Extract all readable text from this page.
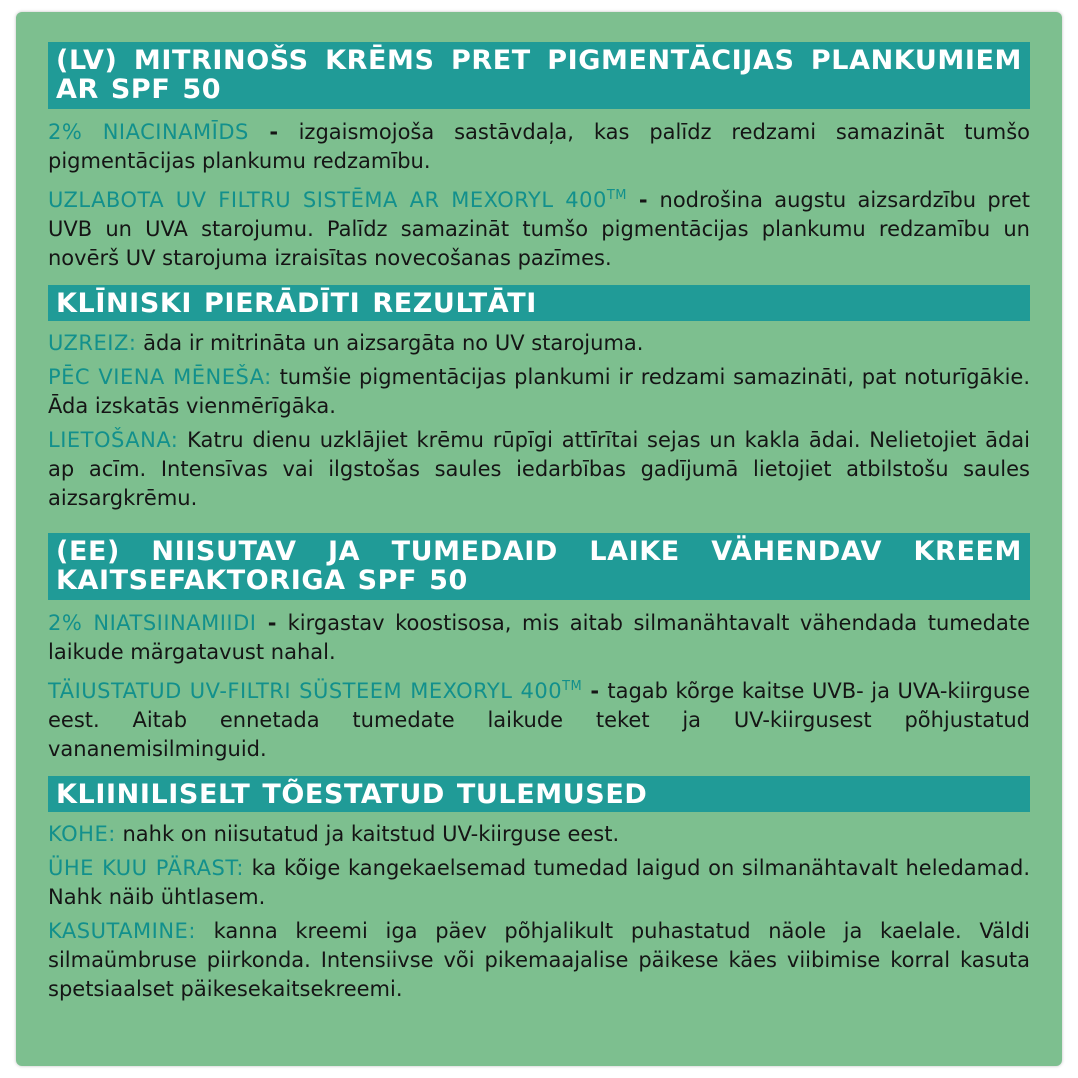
(LV) MITRINOŠS KRĒMS PRET PIGMENTĀCIJAS PLANKUMIEM AR SPF 50

2% NIACINAMĪDS - izgaismojoša sastāvdaļa, kas palīdz redzami samazināt tumšo pigmentācijas plankumu redzamību.

UZLABOTA UV FILTRU SISTĒMA AR MEXORYL 400™ - nodrošina augstu aizsardzību pret UVB un UVA starojumu. Palīdz samazināt tumšo pigmentācijas plankumu redzamību un novērš UV starojuma izraisītas novecošanas pazīmes.

KLĪNISKI PIERĀDĪTI REZULTĀTI

UZREIZ: āda ir mitrināta un aizsargāta no UV starojuma.

PĒC VIENA MĒNEŠA: tumšie pigmentācijas plankumi ir redzami samazināti, pat noturīgākie. Āda izskatās vienmērīgāka.

LIETOŠANA: Katru dienu uzklājiet krēmu rūpīgi attīrītai sejas un kakla ādai. Nelietojiet ādai ap acīm. Intensīvas vai ilgstošas saules iedarbības gadījumā lietojiet atbilstošu saules aizsargkrēmu.

(EE) NIISUTAV JA TUMEDAID LAIKE VÄHENDAV KREEM KAITSEFAKTORIGA SPF 50

2% NIATSIINAMIIDI - kirgastav koostisosa, mis aitab silmanähtavalt vähendada tumedate laikude märgatavust nahal.

TÄIUSTATUD UV-FILTRI SÜSTEEM MEXORYL 400™ - tagab kõrge kaitse UVB- ja UVA-kiirguse eest. Aitab ennetada tumedate laikude teket ja UV-kiirgusest põhjustatud vananemisilminguid.

KLIINILISELT TÕESTATUD TULEMUSED

KOHE: nahk on niisutatud ja kaitstud UV-kiirguse eest.

ÜHE KUU PÄRAST: ka kõige kangekaelsemad tumedad laigud on silmanähtavalt heledamad. Nahk näib ühtlasem.

KASUTAMINE: kanna kreemi iga päev põhjalikult puhastatud näole ja kaelale. Väldi silmaümbruse piirkonda. Intensiivse või pikemaajalise päikese käes viibimise korral kasuta spetsiaalset päikesekaitsekreemi.
